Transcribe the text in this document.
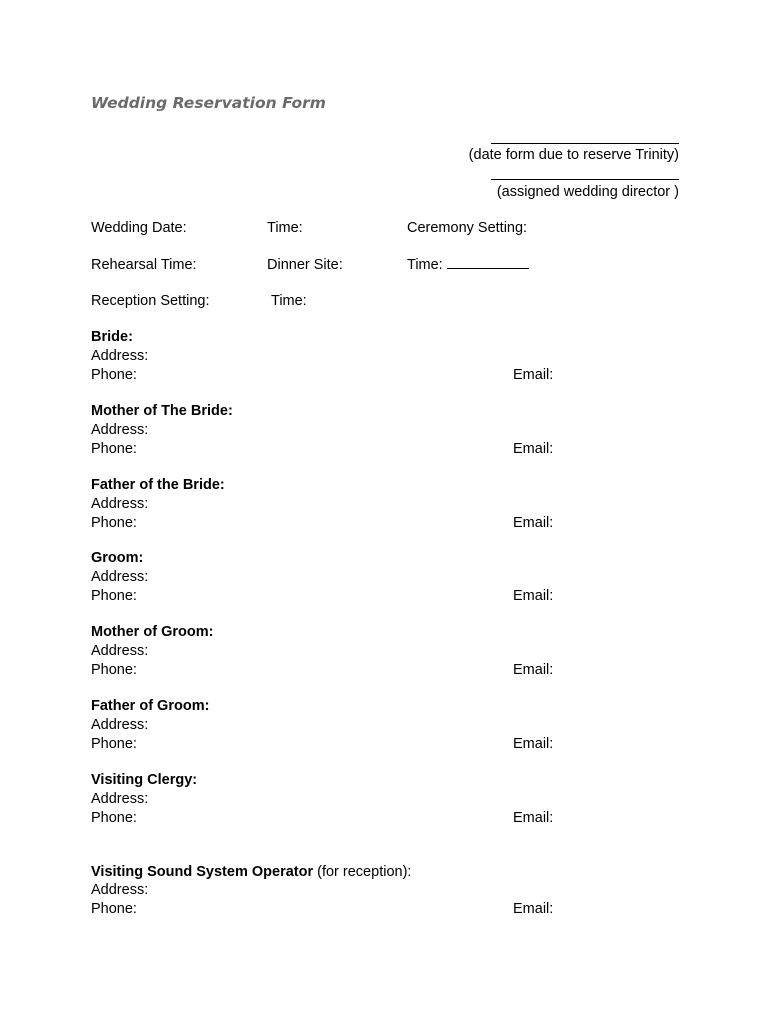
Wedding Reservation Form
(date form due to reserve Trinity)
(assigned wedding director )
Wedding Date:	Time:	Ceremony Setting:
Rehearsal Time:	Dinner Site:	Time:
Reception Setting:	Time:
Bride:
Address:
Phone:	Email:
Mother of The Bride:
Address:
Phone:	Email:
Father of the Bride:
Address:
Phone:	Email:
Groom:
Address:
Phone:	Email:
Mother of Groom:
Address:
Phone:	Email:
Father of Groom:
Address:
Phone:	Email:
Visiting Clergy:
Address:
Phone:	Email:
Visiting Sound System Operator (for reception):
Address:
Phone:	Email:
